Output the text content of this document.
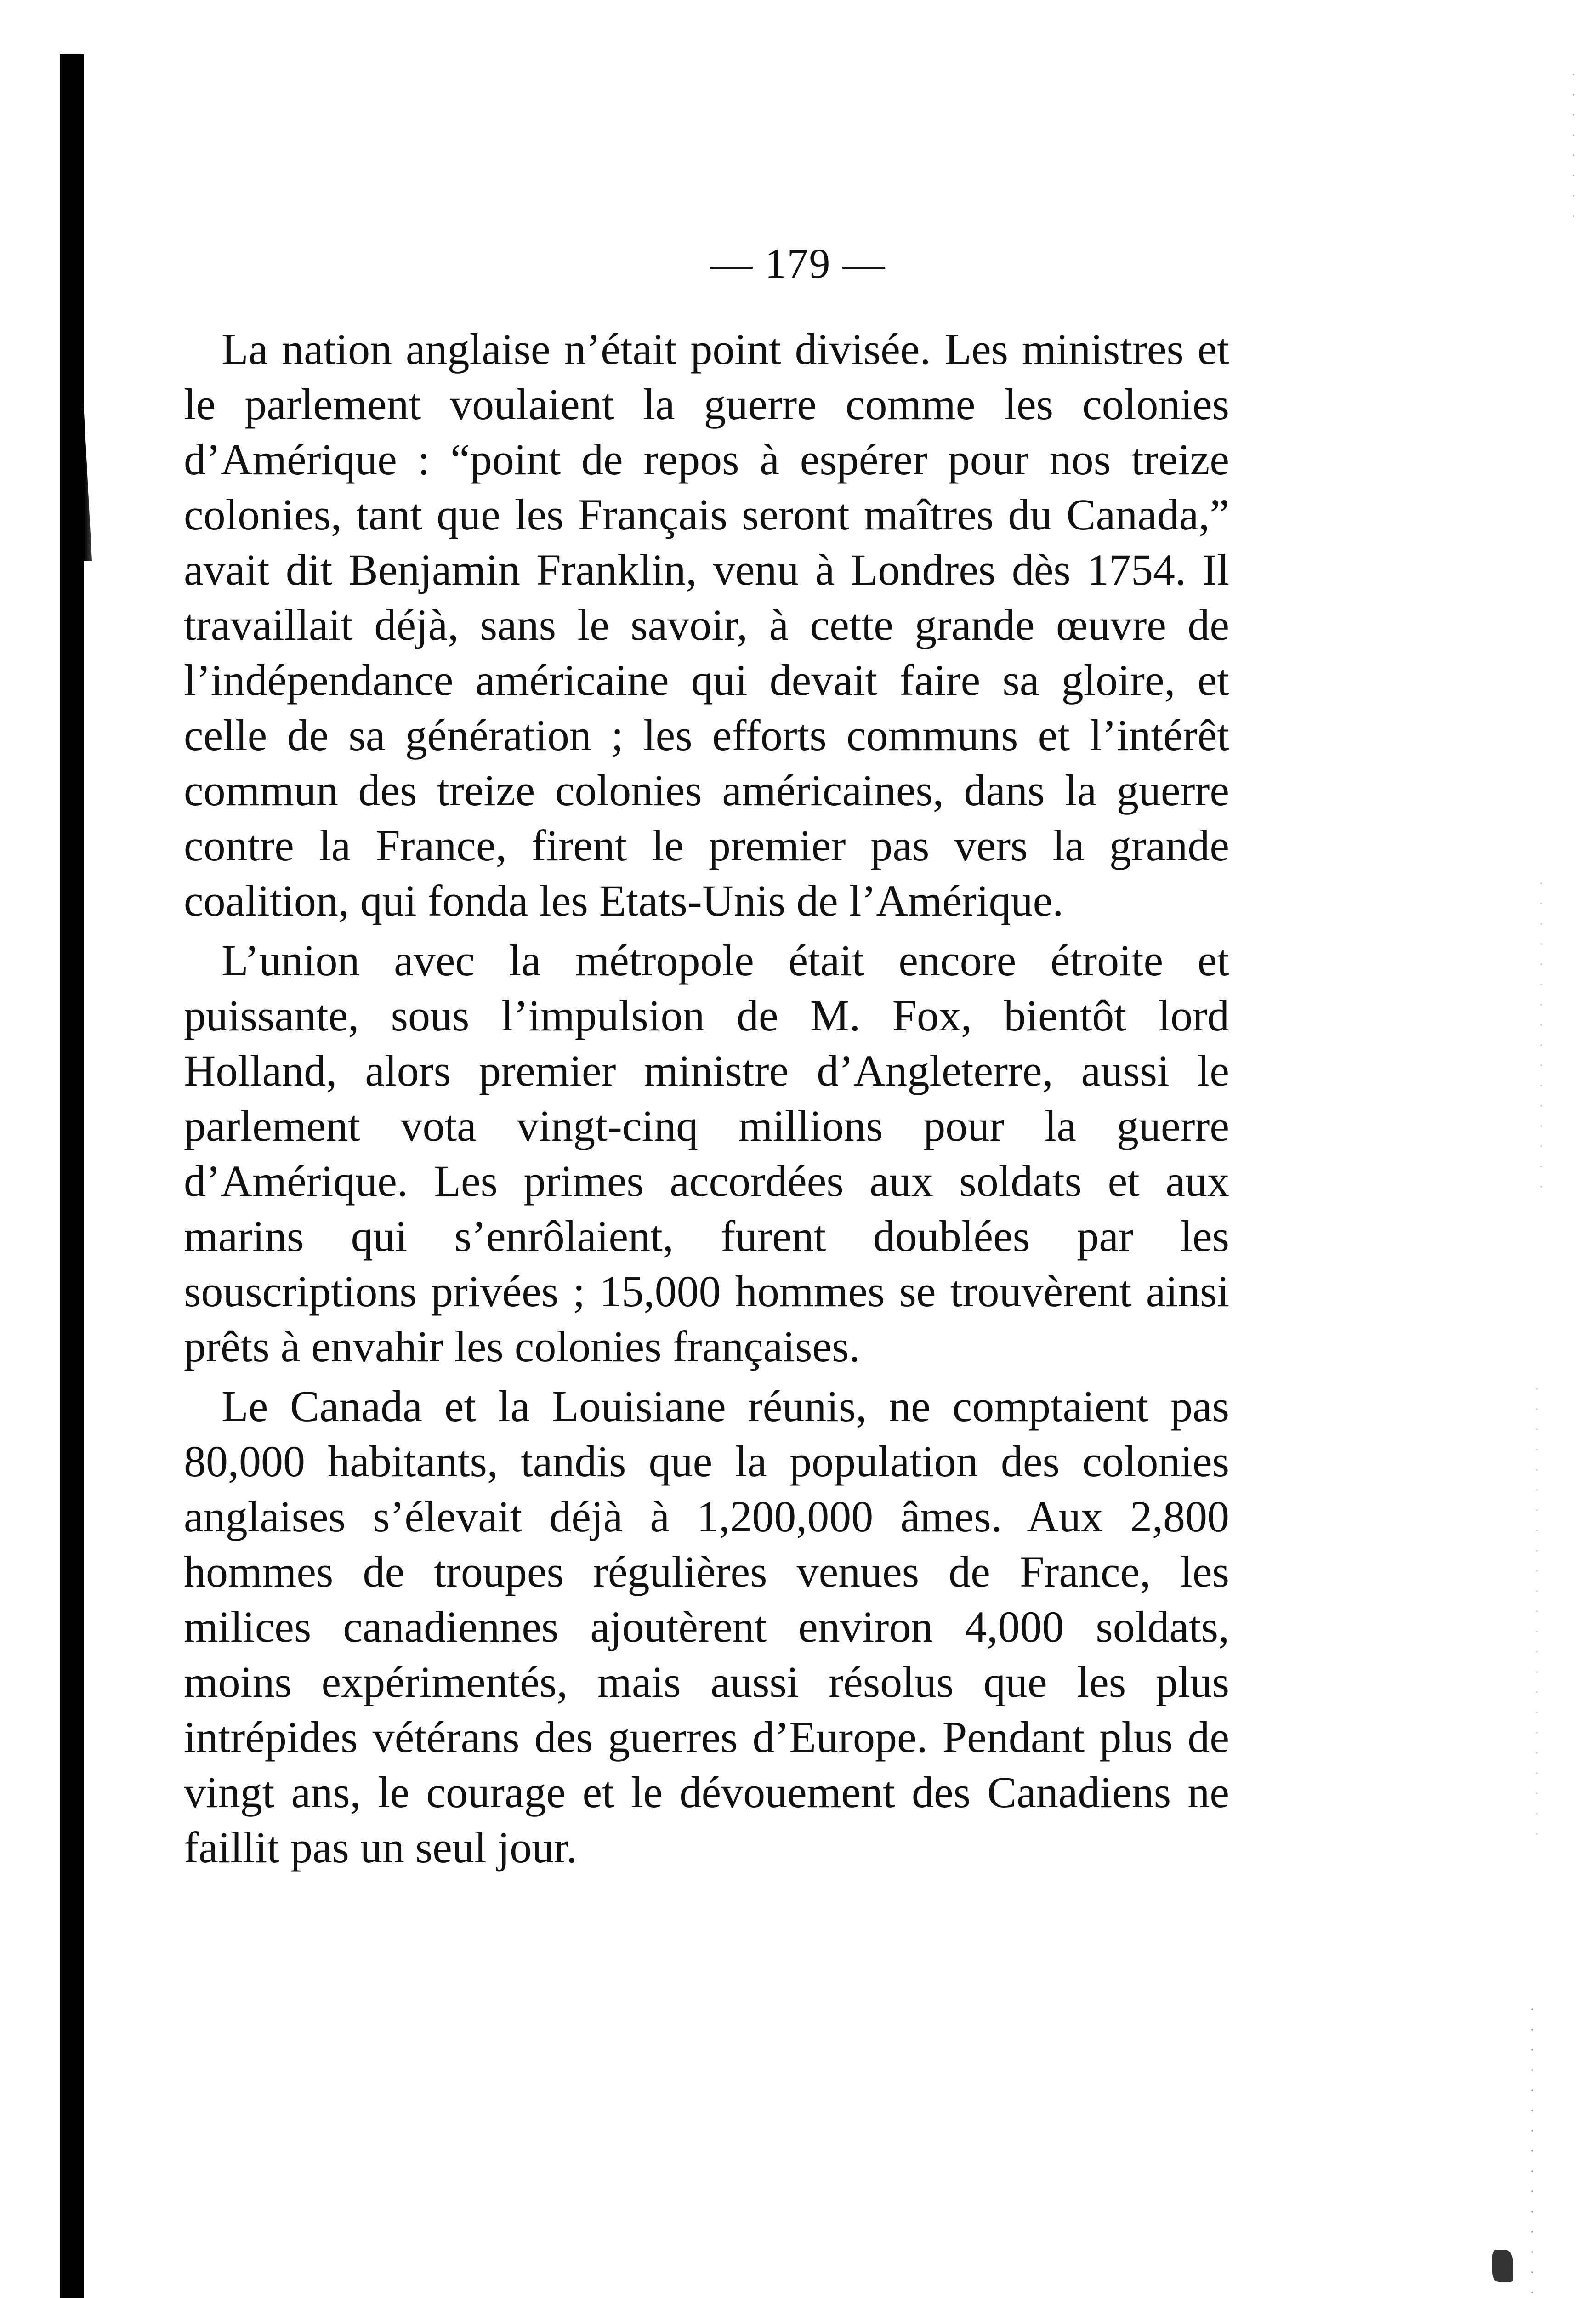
— 179 —

La nation anglaise n’était point divisée. Les ministres et le parlement voulaient la guerre comme les colonies d’Amérique : “point de repos à espérer pour nos treize colonies, tant que les Français seront maîtres du Canada,” avait dit Benjamin Franklin, venu à Londres dès 1754. Il travaillait déjà, sans le savoir, à cette grande œuvre de l’indépendance américaine qui devait faire sa gloire, et celle de sa génération ; les efforts communs et l’intérêt commun des treize colonies américaines, dans la guerre contre la France, firent le premier pas vers la grande coalition, qui fonda les Etats-Unis de l’Amérique.

L’union avec la métropole était encore étroite et puissante, sous l’impulsion de M. Fox, bientôt lord Holland, alors premier ministre d’Angleterre, aussi le parlement vota vingt-cinq millions pour la guerre d’Amérique. Les primes accordées aux soldats et aux marins qui s’enrôlaient, furent doublées par les souscriptions privées ; 15,000 hommes se trouvèrent ainsi prêts à envahir les colonies françaises.

Le Canada et la Louisiane réunis, ne comptaient pas 80,000 habitants, tandis que la population des colonies anglaises s’élevait déjà à 1,200,000 âmes. Aux 2,800 hommes de troupes régulières venues de France, les milices canadiennes ajoutèrent environ 4,000 soldats, moins expérimentés, mais aussi résolus que les plus intrépides vétérans des guerres d’Europe. Pendant plus de vingt ans, le courage et le dévouement des Canadiens ne faillit pas un seul jour.
